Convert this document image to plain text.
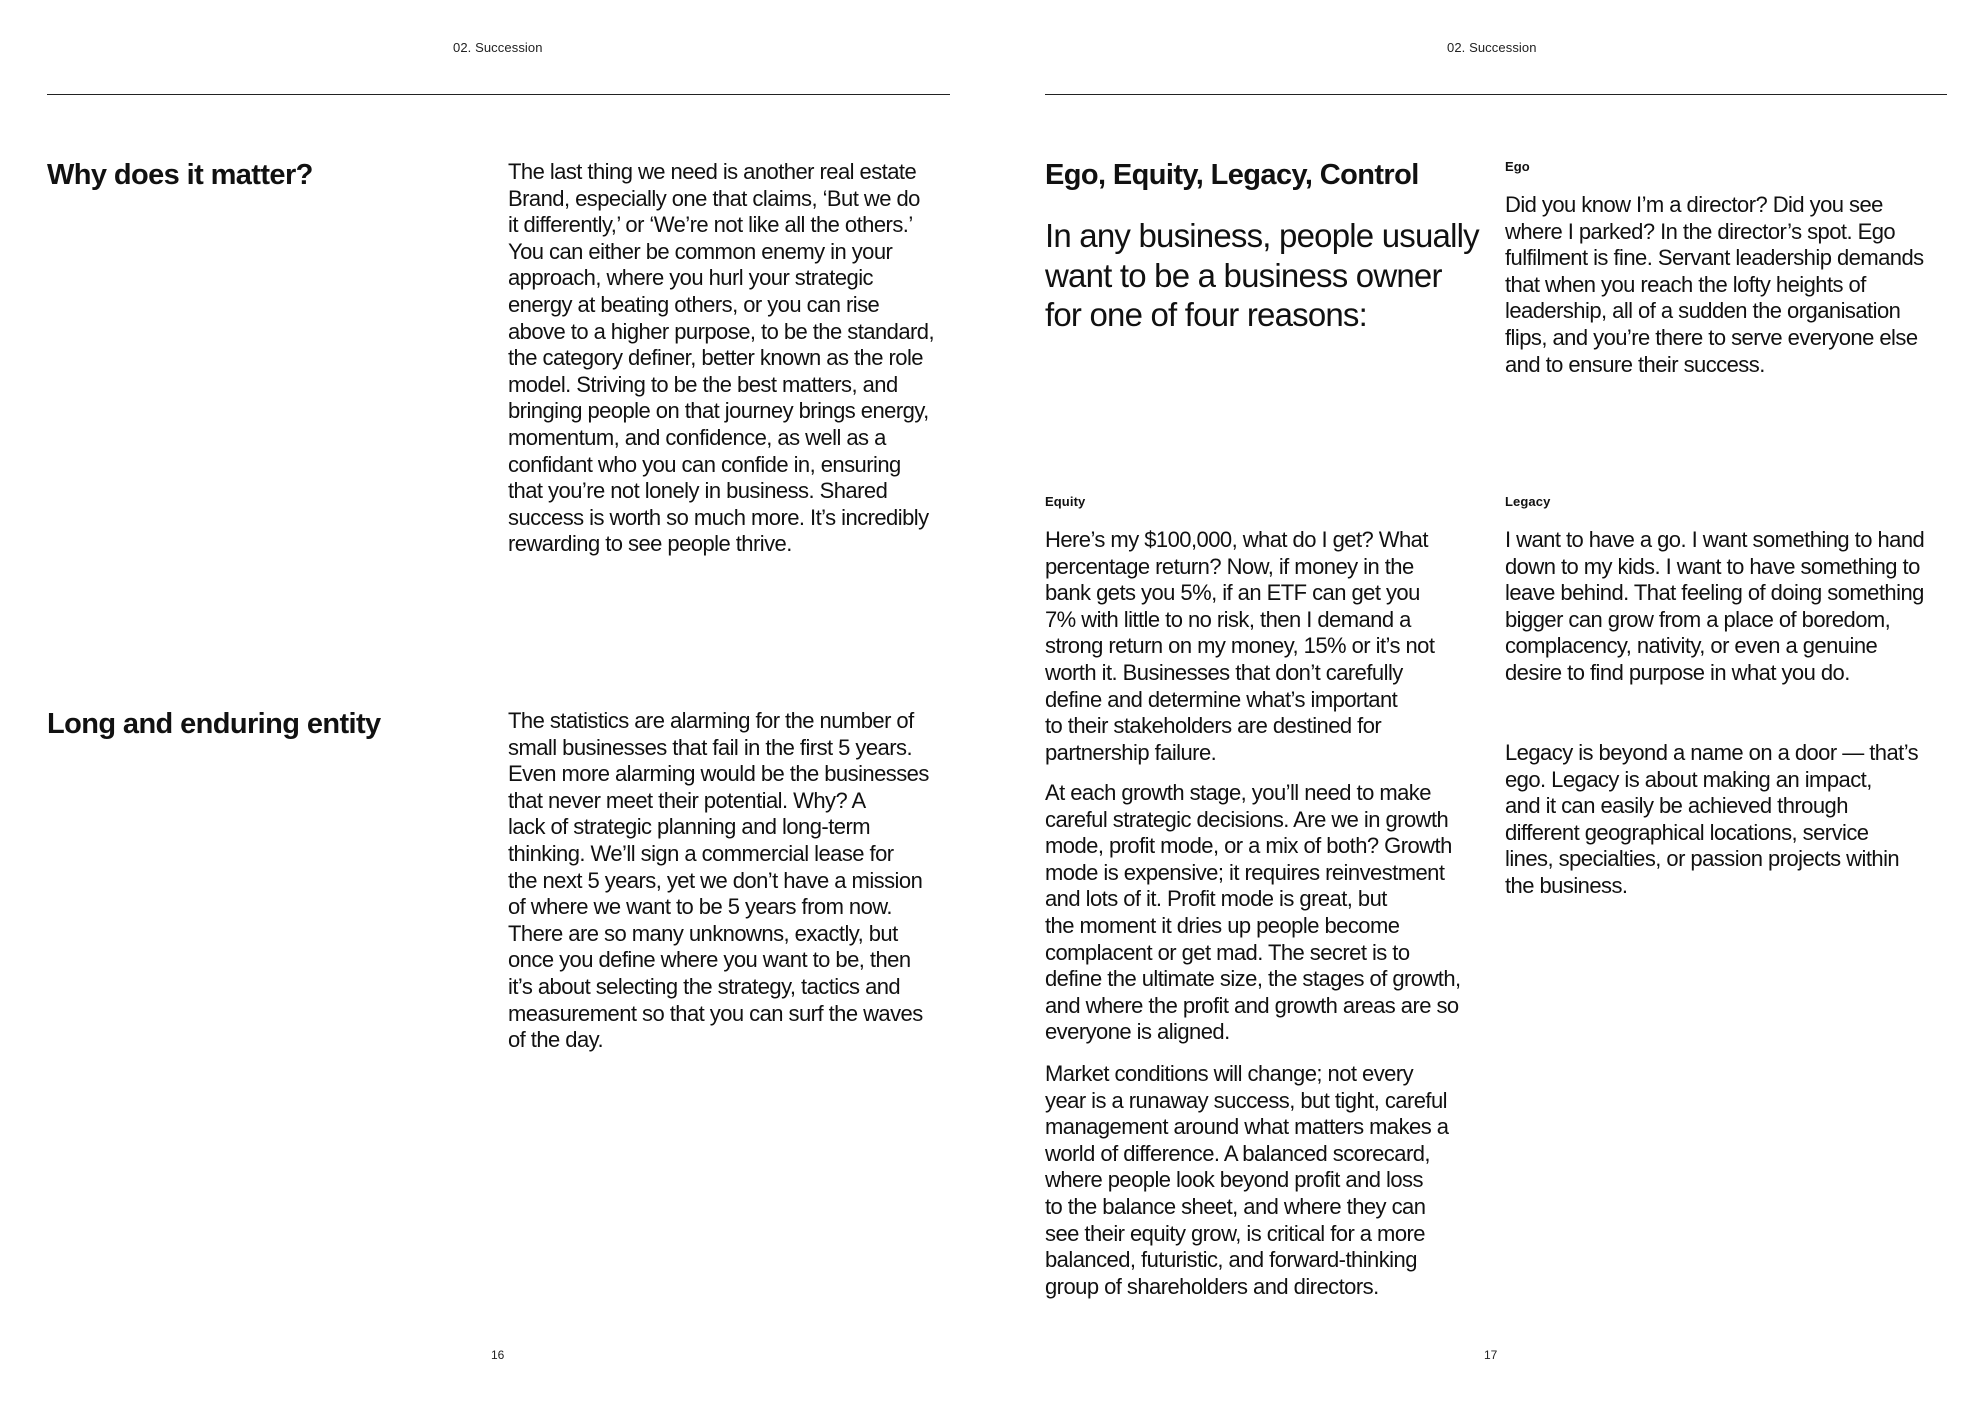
02. Succession
Why does it matter?	The last thing we need is another real estate
Brand, especially one that claims, ‘But we do
it differently,’ or ‘We’re not like all the others.’
You can either be common enemy in your
approach, where you hurl your strategic
energy at beating others, or you can rise
above to a higher purpose, to be the standard,
the category definer, better known as the role
model. Striving to be the best matters, and
bringing people on that journey brings energy,
momentum, and confidence, as well as a
confidant who you can confide in, ensuring
that you’re not lonely in business. Shared
success is worth so much more. It’s incredibly
rewarding to see people thrive.

Long and enduring entity	The statistics are alarming for the number of
small businesses that fail in the first 5 years.
Even more alarming would be the businesses
that never meet their potential. Why? A
lack of strategic planning and long-term
thinking. We’ll sign a commercial lease for
the next 5 years, yet we don’t have a mission
of where we want to be 5 years from now.
There are so many unknowns, exactly, but
once you define where you want to be, then
it’s about selecting the strategy, tactics and
measurement so that you can surf the waves
of the day.

16
02. Succession
Ego, Equity, Legacy, Control

In any business, people usually
want to be a business owner
for one of four reasons:

Ego

Did you know I’m a director? Did you see
where I parked? In the director’s spot. Ego
fulfilment is fine. Servant leadership demands
that when you reach the lofty heights of
leadership, all of a sudden the organisation
flips, and you’re there to serve everyone else
and to ensure their success.

Equity

Here’s my $100,000, what do I get? What
percentage return? Now, if money in the
bank gets you 5%, if an ETF can get you
7% with little to no risk, then I demand a
strong return on my money, 15% or it’s not
worth it. Businesses that don’t carefully
define and determine what’s important
to their stakeholders are destined for
partnership failure.

At each growth stage, you’ll need to make
careful strategic decisions. Are we in growth
mode, profit mode, or a mix of both? Growth
mode is expensive; it requires reinvestment
and lots of it. Profit mode is great, but
the moment it dries up people become
complacent or get mad. The secret is to
define the ultimate size, the stages of growth,
and where the profit and growth areas are so
everyone is aligned.

Market conditions will change; not every
year is a runaway success, but tight, careful
management around what matters makes a
world of difference. A balanced scorecard,
where people look beyond profit and loss
to the balance sheet, and where they can
see their equity grow, is critical for a more
balanced, futuristic, and forward-thinking
group of shareholders and directors.

Legacy

I want to have a go. I want something to hand
down to my kids. I want to have something to
leave behind. That feeling of doing something
bigger can grow from a place of boredom,
complacency, nativity, or even a genuine
desire to find purpose in what you do.

Legacy is beyond a name on a door — that’s
ego. Legacy is about making an impact,
and it can easily be achieved through
different geographical locations, service
lines, specialties, or passion projects within
the business.

17
